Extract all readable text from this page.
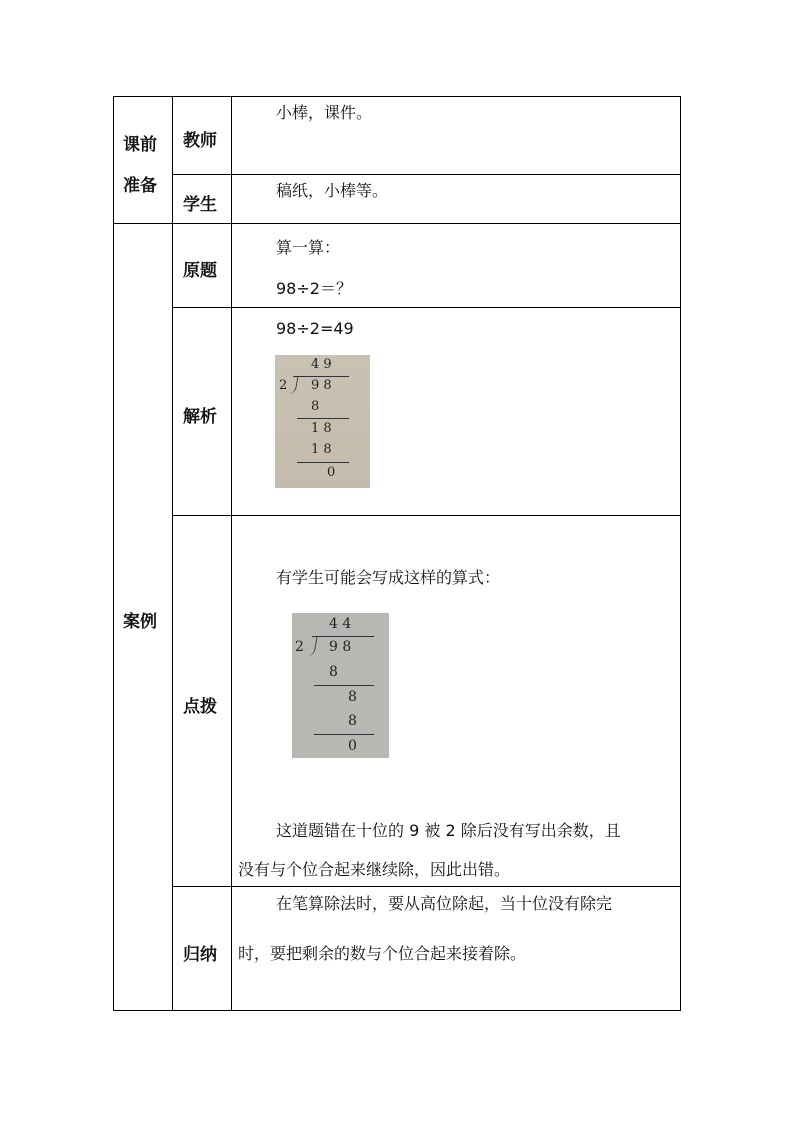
课前
准备
教师
小棒，课件。
学生
稿纸，小棒等。
案例
原题
算一算：
98÷2＝？
解析
98÷2=49
4 9
2 9 8
8
1 8
1 8
0
点拨
有学生可能会写成这样的算式：
4 4
2 9 8
8
8
8
0
这道题错在十位的 9 被 2 除后没有写出余数，且
没有与个位合起来继续除，因此出错。
归纳
在笔算除法时，要从高位除起，当十位没有除完
时，要把剩余的数与个位合起来接着除。
